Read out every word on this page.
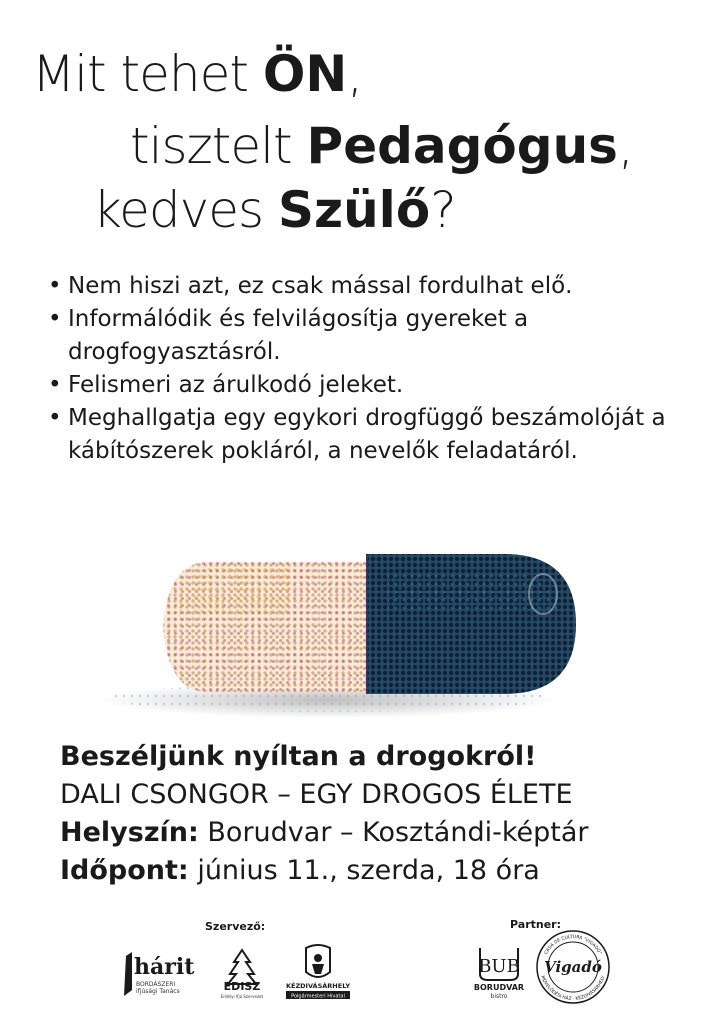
Mit tehet ÖN,
tisztelt Pedagógus,
kedves Szülő?
• Nem hiszi azt, ez csak mással fordulhat elő.
• Informálódik és felvilágosítja gyereket a drogfogyasztásról.
• Felismeri az árulkodó jeleket.
• Meghallgatja egy egykori drogfüggő beszámolóját a kábítószerek pokláról, a nevelők feladatáról.
Beszéljünk nyíltan a drogokról!
DALI CSONGOR – EGY DROGOS ÉLETE
Helyszín: Borudvar – Kosztándi-képtár
Időpont: június 11., szerda, 18 óra
Szervező:	Partner:
hárit
BORDÁSZERI
ifjúsági Tanács	EDISZ
Erdélyi Ifjú Szervezet
KÉZDIVÁSÁRHELY
Polgármesteri Hivatal
BUB
BORUDVAR
bistro
CASA DE CULTURA "VIGADÓ"
MŰVELŐDÉSI HÁZ · KÉZDIVÁSÁRHELY
Vigadó
